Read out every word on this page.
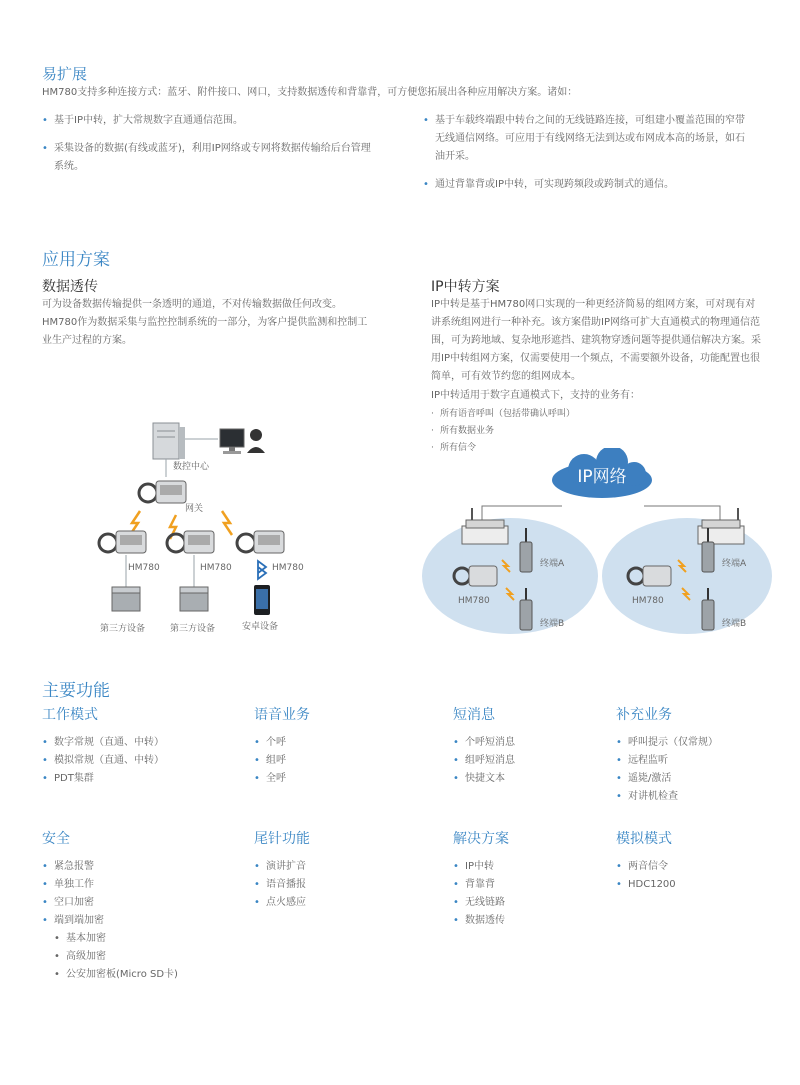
易扩展
HM780支持多种连接方式：蓝牙、附件接口、网口，支持数据透传和背靠背，可方便您拓展出各种应用解决方案。诸如：
• 基于IP中转，扩大常规数字直通通信范围。
• 采集设备的数据(有线或蓝牙)，利用IP网络或专网将数据传输给后台管理系统。
• 基于车载终端跟中转台之间的无线链路连接，可组建小覆盖范围的窄带无线通信网络。可应用于有线网络无法到达或布网成本高的场景，如石油开采。
• 通过背靠背或IP中转，可实现跨频段或跨制式的通信。
应用方案
数据透传
可为设备数据传输提供一条透明的通道，不对传输数据做任何改变。HM780作为数据采集与监控控制系统的一部分，为客户提供监测和控制工业生产过程的方案。
IP中转方案
IP中转是基于HM780网口实现的一种更经济简易的组网方案，可对现有对讲系统组网进行一种补充。该方案借助IP网络可扩大直通模式的物理通信范围，可为跨地域、复杂地形遮挡、建筑物穿透问题等提供通信解决方案。采用IP中转组网方案，仅需要使用一个频点，不需要额外设备，功能配置也很简单，可有效节约您的组网成本。
IP中转适用于数字直通模式下，支持的业务有：
· 所有语音呼叫（包括带确认呼叫）
· 所有数据业务
· 所有信令
数控中心
网关
HM780	HM780	HM780
第三方设备	第三方设备	安卓设备
IP网络
HM780	HM780
终端A
终端B
终端A
终端B
主要功能
工作模式
• 数字常规（直通、中转）
• 模拟常规（直通、中转）
• PDT集群
语音业务
• 个呼
• 组呼
• 全呼
短消息
• 个呼短消息
• 组呼短消息
• 快捷文本
补充业务
• 呼叫提示（仅常规）
• 远程监听
• 遥毙/激活
• 对讲机检查
安全
• 紧急报警
• 单独工作
• 空口加密
• 端到端加密
• 基本加密
• 高级加密
• 公安加密板(Micro SD卡)
尾针功能
• 演讲扩音
• 语音播报
• 点火感应
解决方案
• IP中转
• 背靠背
• 无线链路
• 数据透传
模拟模式
• 两音信令
• HDC1200
